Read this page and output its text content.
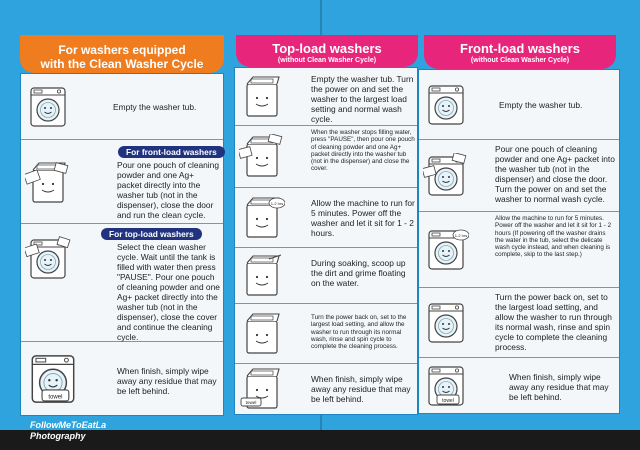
For washers equipped
with the Clean Washer Cycle
Empty the washer tub.
For front-load washers
Pour one pouch of cleaning powder and one Ag+ packet directly into the washer tub (not in the dispenser), close the door and run the clean cycle.
For top-load washers
Select the clean washer cycle. Wait until the tank is filled with water then press "PAUSE". Pour one pouch of cleaning powder and one Ag+ packet directly into the washer tub (not in the dispenser), close the cover and continue the cleaning cycle.
towel
When finish, simply wipe away any residue that may be left behind.
Top-load washers
(without Clean Washer Cycle)
Empty the washer tub. Turn the power on and set the washer to the largest load setting and normal wash cycle.
When the washer stops filling water, press "PAUSE", then pour one pouch of cleaning powder and one Ag+ packet directly into the washer tub (not in the dispenser) and close the cover.
1-2 hrs	Allow the machine to run for 5 minutes. Power off the washer and let it sit for 1 - 2 hours.
During soaking, scoop up the dirt and grime floating on the water.
Turn the power back on, set to the largest load setting, and allow the washer to run through its normal wash, rinse and spin cycle to complete the cleaning process.
towel
When finish, simply wipe away any residue that may be left behind.
Front-load washers
(without Clean Washer Cycle)
Empty the washer tub.
Pour one pouch of cleaning powder and one Ag+ packet into the washer tub (not in the dispenser) and close the door. Turn the power on and set the washer to normal wash cycle.
1-2 hrs
Allow the machine to run for 5 minutes. Power off the washer and let it sit for 1 - 2 hours (If powering off the washer drains the water in the tub, select the delicate wash cycle instead, and when cleaning is complete, skip to the last step.)
Turn the power back on, set to the largest load setting, and allow the washer to run through its normal wash, rinse and spin cycle to complete the cleaning process.
towel
When finish, simply wipe away any residue that may be left behind.
FollowMeToEatLa
Photography
